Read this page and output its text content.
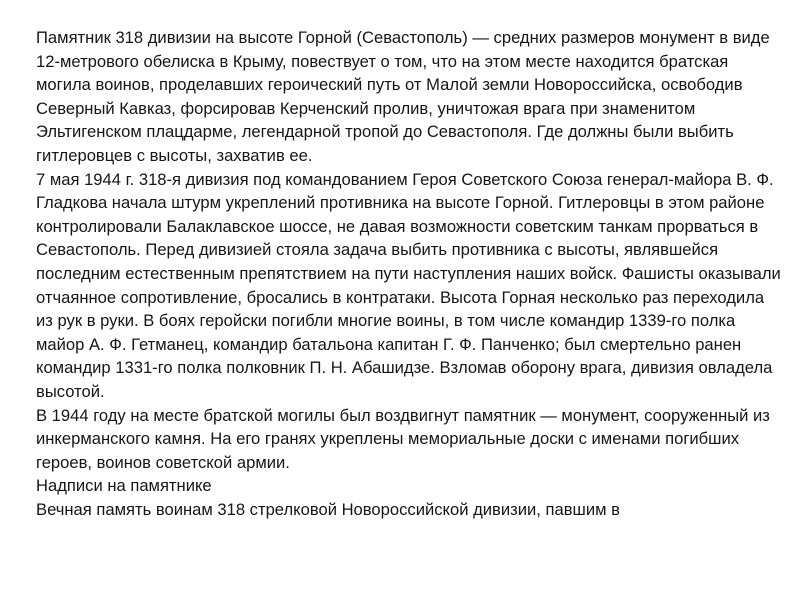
Памятник 318 дивизии на высоте Горной (Севастополь) — средних размеров монумент в виде 12-метрового обелиска в Крыму, повествует о том, что на этом месте находится братская могила воинов, проделавших героический путь от Малой земли Новороссийска, освободив Северный Кавказ, форсировав Керченский пролив, уничтожая врага при знаменитом Эльтигенском плацдарме, легендарной тропой до Севастополя. Где должны были выбить гитлеровцев с высоты, захватив ее.

7 мая 1944 г. 318-я дивизия под командованием Героя Советского Союза генерал-майора В. Ф. Гладкова начала штурм укреплений противника на высоте Горной. Гитлеровцы в этом районе контролировали Балаклавское шоссе, не давая возможности советским танкам прорваться в Севастополь. Перед дивизией стояла задача выбить противника с высоты, являвшейся последним естественным препятствием на пути наступления наших войск. Фашисты оказывали отчаянное сопротивление, бросались в контратаки. Высота Горная несколько раз переходила из рук в руки. В боях геройски погибли многие воины, в том числе командир 1339-го полка майор А. Ф. Гетманец, командир батальона капитан Г. Ф. Панченко; был смертельно ранен командир 1331-го полка полковник П. Н. Абашидзе. Взломав оборону врага, дивизия овладела высотой.

В 1944 году на месте братской могилы был воздвигнут памятник — монумент, сооруженный из инкерманского камня. На его гранях укреплены мемориальные доски с именами погибших героев, воинов советской армии.

Надписи на памятнике

Вечная память воинам 318 стрелковой Новороссийской дивизии, павшим в
